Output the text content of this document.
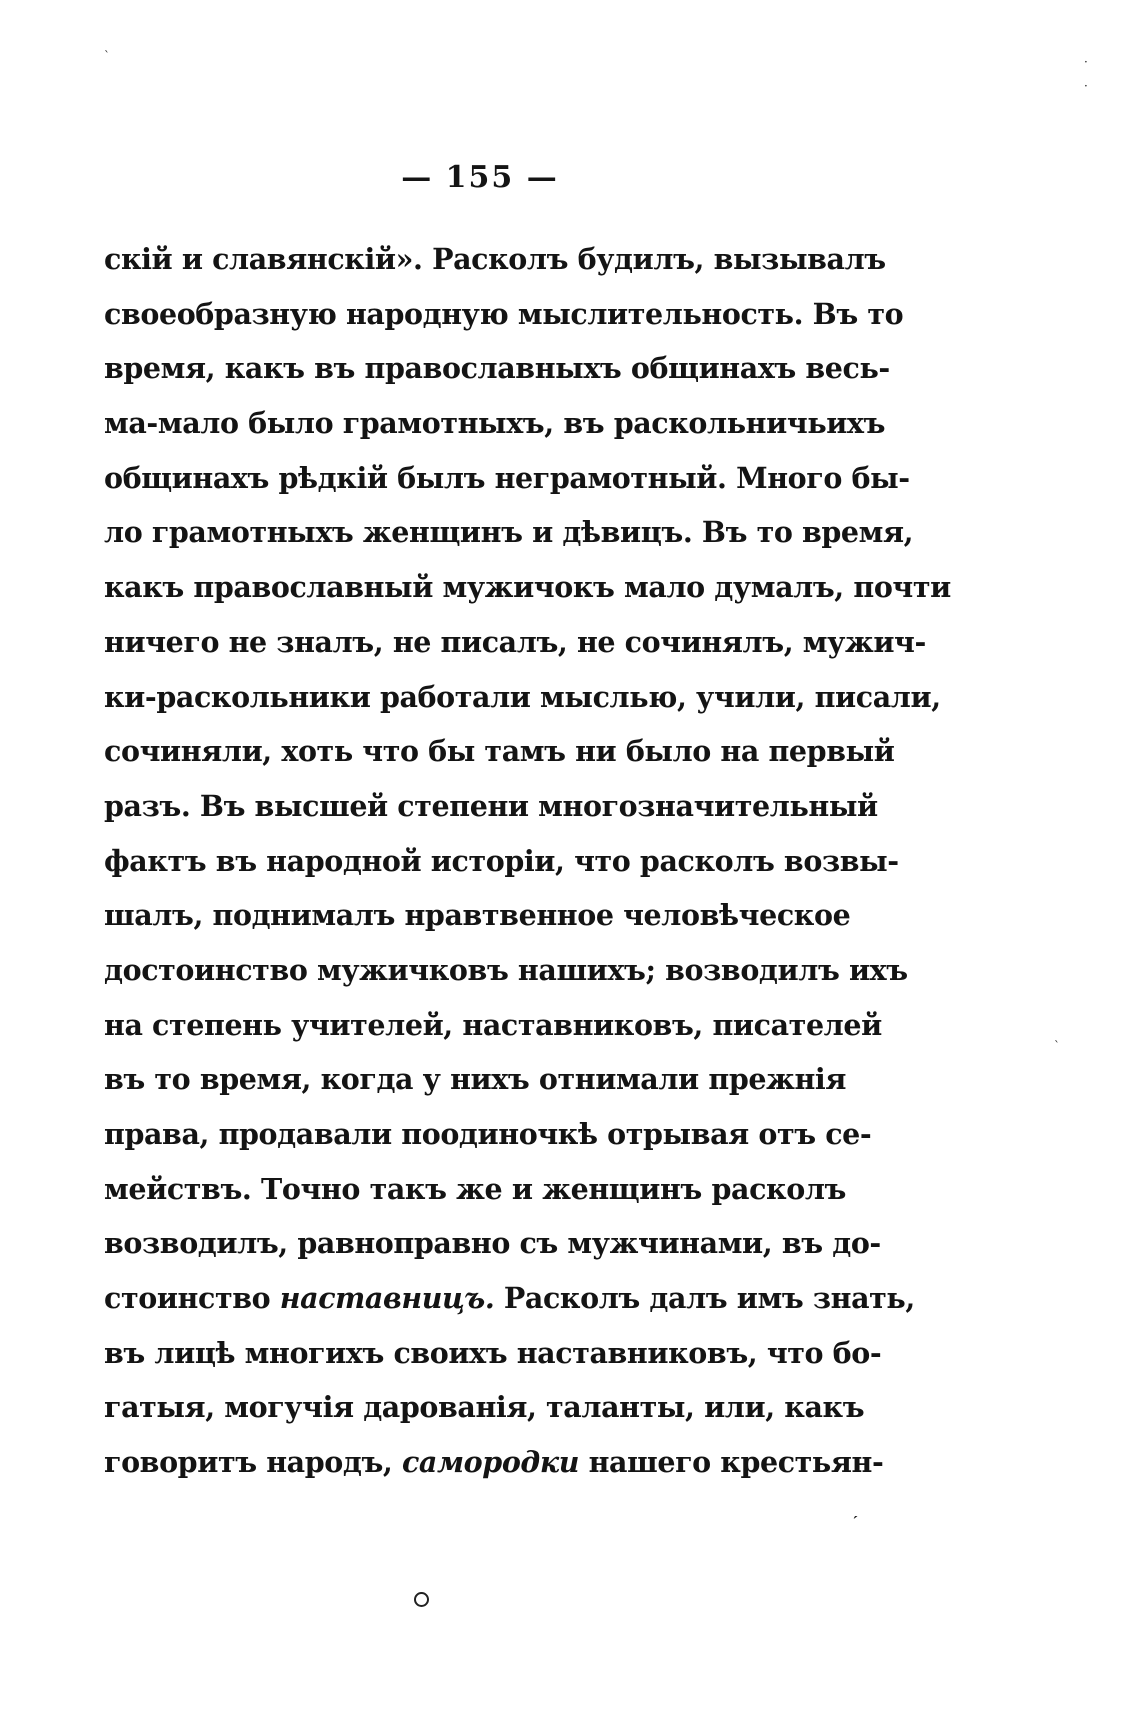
— 155 —
скій и славянскій». Расколъ будилъ, вызывалъ
своеобразную народную мыслительность. Въ то
время, какъ въ православныхъ общинахъ весь-
ма-мало было грамотныхъ, въ раскольничьихъ
общинахъ рѣдкій былъ неграмотный. Много бы-
ло грамотныхъ женщинъ и дѣвицъ. Въ то время,
какъ православный мужичокъ мало думалъ, почти
ничего не зналъ, не писалъ, не сочинялъ, мужич-
ки-раскольники работали мыслью, учили, писали,
сочиняли, хоть что бы тамъ ни было на первый
разъ. Въ высшей степени многозначительный
фактъ въ народной исторіи, что расколъ возвы-
шалъ, поднималъ нравтвенное человѣческое
достоинство мужичковъ нашихъ; возводилъ ихъ
на степень учителей, наставниковъ, писателей
въ то время, когда у нихъ отнимали прежнія
права, продавали поодиночкѣ отрывая отъ се-
мействъ. Точно такъ же и женщинъ расколъ
возводилъ, равноправно съ мужчинами, въ до-
стоинство наставницъ. Расколъ далъ имъ знать,
въ лицѣ многихъ своихъ наставниковъ, что бо-
гатыя, могучія дарованія, таланты, или, какъ
говоритъ народъ, самородки нашего крестьян-
·
·
ˋ
ˋ
ˏ
